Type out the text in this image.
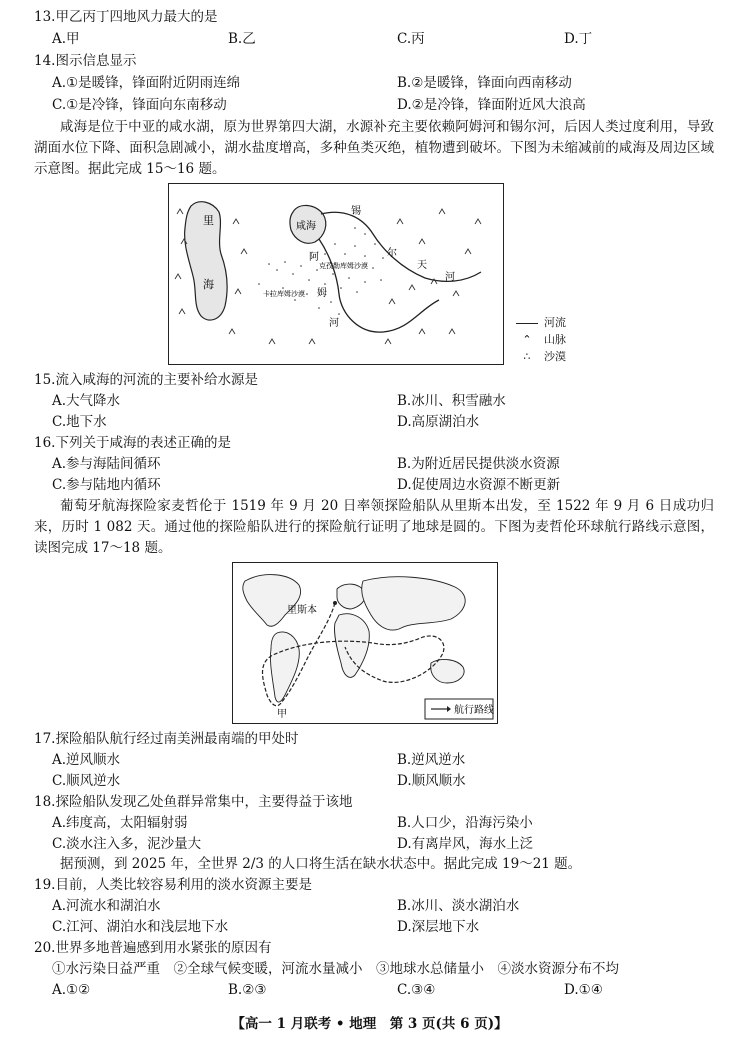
13.甲乙丙丁四地风力最大的是
A.甲	B.乙	C.丙	D.丁
14.图示信息显示
A.①是暖锋，锋面附近阴雨连绵	B.②是暖锋，锋面向西南移动
C.①是冷锋，锋面向东南移动	D.②是冷锋，锋面附近风大浪高
咸海是位于中亚的咸水湖，原为世界第四大湖，水源补充主要依赖阿姆河和锡尔河，后因人类过度利用，导致湖面水位下降、面积急剧减小，湖水盐度增高，多种鱼类灭绝，植物遭到破坏。下图为未缩减前的咸海及周边区域示意图。据此完成 15～16 题。
里
海
咸海
锡
尔
天
河
阿
姆
河
克孜勒库姆沙漠
卡拉库姆沙漠
河流
⌃ 山脉
∴ 沙漠
15.流入咸海的河流的主要补给水源是
A.大气降水	B.冰川、积雪融水
C.地下水	D.高原湖泊水
16.下列关于咸海的表述正确的是
A.参与海陆间循环	B.为附近居民提供淡水资源
C.参与陆地内循环	D.促使周边水资源不断更新
葡萄牙航海探险家麦哲伦于 1519 年 9 月 20 日率领探险船队从里斯本出发，至 1522 年 9 月 6 日成功归来，历时 1 082 天。通过他的探险船队进行的探险航行证明了地球是圆的。下图为麦哲伦环球航行路线示意图，读图完成 17～18 题。
里斯本
甲	航行路线
17.探险船队航行经过南美洲最南端的甲处时
A.逆风顺水	B.逆风逆水
C.顺风逆水	D.顺风顺水
18.探险船队发现乙处鱼群异常集中，主要得益于该地
A.纬度高，太阳辐射弱	B.人口少，沿海污染小
C.淡水注入多，泥沙量大	D.有离岸风，海水上泛
据预测，到 2025 年，全世界 2/3 的人口将生活在缺水状态中。据此完成 19～21 题。
19.目前，人类比较容易利用的淡水资源主要是
A.河流水和湖泊水	B.冰川、淡水湖泊水
C.江河、湖泊水和浅层地下水	D.深层地下水
20.世界多地普遍感到用水紧张的原因有
①水污染日益严重　②全球气候变暖，河流水量减小　③地球水总储量小　④淡水资源分布不均
A.①②	B.②③	C.③④	D.①④
【高一 1 月联考 • 地理　第 3 页(共 6 页)】
